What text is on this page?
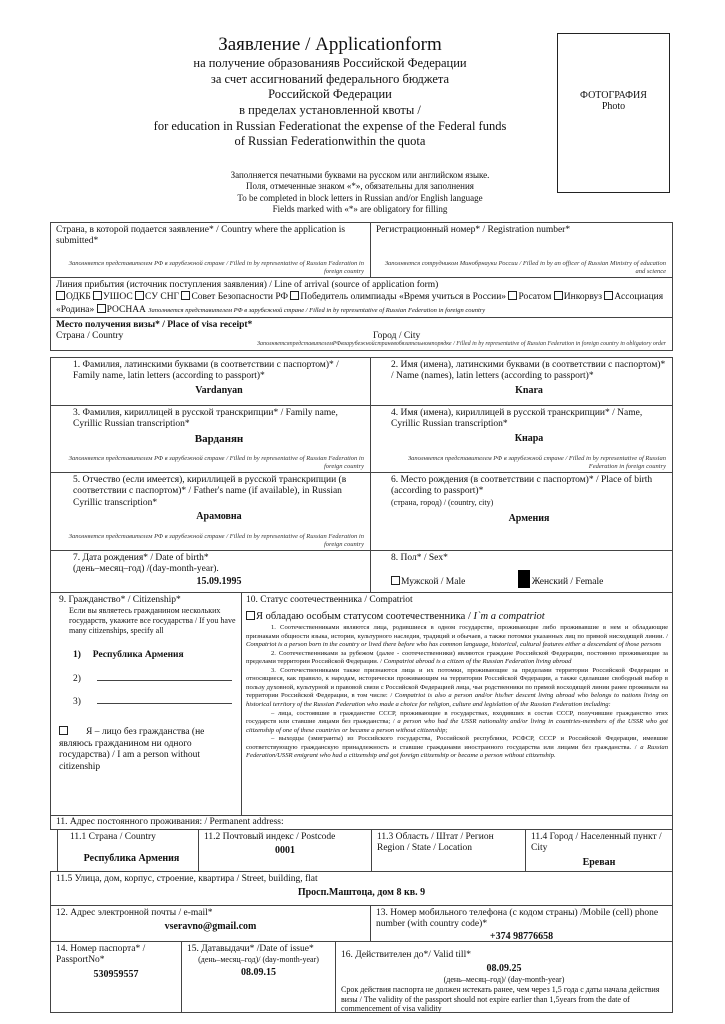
Заявление / Applicationform
на получение образованияв Российской Федерации
за счет ассигнований федерального бюджета
Российской Федерации
в пределах установленной квоты /
for education in Russian Federationat the expense of the Federal funds
of Russian Federationwithin the quota
ФОТОГРАФИЯ
Photo
Заполняется печатными буквами на русском или английском языке.
Поля, отмеченные знаком «*», обязательны для заполнения
To be completed in block letters in Russian and/or English language
Fields marked with «*» are obligatory for filling
Страна, в которой подается заявление* / Country where the application is submitted*
Заполняется представителем РФ в зарубежной стране / Filled in by representative of Russian Federation in foreign country
Регистрационный номер* / Registration number*
Заполняется сотрудником Минобрнауки России / Filled in by an officer of Russian Ministry of education and science
Линия прибытия (источник поступления заявления) / Line of arrival (source of application form)
ОДКБ УШОС СУ СНГ Совет Безопасности РФ Победитель олимпиады «Время учиться в России» Росатом Инкорвуз Ассоциация «Родина» РОСНАА Заполняется представителем РФ в зарубежной стране / Filled in by representative of Russian Federation in foreign country
Место получения визы* / Place of visa receipt*
Страна / Country	Город / City
ЗаполняетсяпредставителемРФвзарубежнойстраневобязательномпорядке / Filled in by representative of Russian Federation in foreign country in obligatory order
1. Фамилия, латинскими буквами (в соответствии с паспортом)* / Family name, latin letters (according to passport)*
Vardanyan
2. Имя (имена), латинскими буквами (в соответствии с паспортом)* / Name (names), latin letters (according to passport)*
Knara
3. Фамилия, кириллицей в русской транскрипции* / Family name, Cyrillic Russian transcription*
Варданян
Заполняется представителем РФ в зарубежной стране / Filled in by representative of Russian Federation in foreign country
4. Имя (имена), кириллицей в русской транскрипции* / Name, Cyrillic Russian transcription*
Кнара
Заполняется представителем РФ в зарубежной стране / Filled in by representative of Russian Federation in foreign country
5. Отчество (если имеется), кириллицей в русской транскрипции (в соответствии с паспортом)* / Father's name (if available), in Russian Cyrillic transcription*
Арамовна
Заполняется представителем РФ в зарубежной стране / Filled in by representative of Russian Federation in foreign country
6. Место рождения (в соответствии с паспортом)* / Place of birth (according to passport)*
(страна, город) / (country, city)
Армения
7. Дата рождения* / Date of birth*
(день–месяц–год) /(day-month-year).
15.09.1995
8. Пол* / Sex*
Мужской / Male	Женский / Female
9. Гражданство* / Citizenship*
Если вы являетесь гражданином нескольких государств, укажите все государства / If you have many citizenships, specify all
1) Республика Армения
2)
3)
Я – лицо без гражданства (не являюсь гражданином ни одного государства) / I am a person without citizenship
10. Статус соотечественника / Compatriot
Я обладаю особым статусом соотечественника / I`m a compatriot
1. Соотечественниками являются лица, родившиеся в одном государстве, проживающие либо проживавшие в нем и обладающие признаками общности языка, истории, культурного наследия, традиций и обычаев, а также потомки указанных лиц по прямой нисходящей линии. / Compatriot is a person born in the country or lived there before who has common language, historical, cultural features either a descendant of those persons
2. Соотечественниками за рубежом (далее - соотечественники) являются граждане Российской Федерации, постоянно проживающие за пределами территории Российской Федерации. / Compatriot abroad is a citizen of the Russian Federation living abroad
3. Соотечественниками также признаются лица и их потомки, проживающие за пределами территории Российской Федерации и относящиеся, как правило, к народам, исторически проживающим на территории Российской Федерации, а также сделавшие свободный выбор в пользу духовной, культурной и правовой связи с Российской Федерацией лица, чьи родственники по прямой восходящей линии ранее проживали на территории Российской Федерации, в том числе: / Compatriot is also a person and/or his/her descent living abroad who belongs to nations living on historical territory of the Russian Federation who made a choice for religion, culture and legislation of the Russian Federation including:
– лица, состоявшие в гражданстве СССР, проживающие в государствах, входивших в состав СССР, получившие гражданство этих государств или ставшие лицами без гражданства; / a person who had the USSR nationality and/or living in countries-members of the USSR who got citizenship of one of these countries or became a person without citizenship;
– выходцы (эмигранты) из Российского государства, Российской республики, РСФСР, СССР и Российской Федерации, имевшие соответствующую гражданскую принадлежность и ставшие гражданами иностранного государства или лицами без гражданства. / a Russian Federation/USSR emigrant who had a citizenship and got foreign citizenship or became a person without citizenship.
11. Адрес постоянного проживания: / Permanent address:
11.1 Страна / Country
Республика Армения
11.2 Почтовый индекс / Postcode
0001
11.3 Область / Штат / Регион Region / State / Location
11.4 Город / Населенный пункт / City
Ереван
11.5 Улица, дом, корпус, строение, квартира / Street, building, flat
Просп.Маштоца, дом 8 кв. 9
12. Адрес электронной почты / e-mail*
vseravno@gmail.com
13. Номер мобильного телефона (с кодом страны) /Mobile (cell) phone number (with country code)*
+374 98776658
14. Номер паспорта* / PassportNo*
530959557
15. Датавыдачи* /Date of issue*
(день–месяц–год)/ (day-month-year)
08.09.15
16. Действителен до*/ Valid till*
08.09.25
(день–месяц–год)/ (day-month-year)
Срок действия паспорта не должен истекать ранее, чем через 1,5 года с даты начала действия визы / The validity of the passport should not expire earlier than 1,5years from the date of commencement of visa validity
